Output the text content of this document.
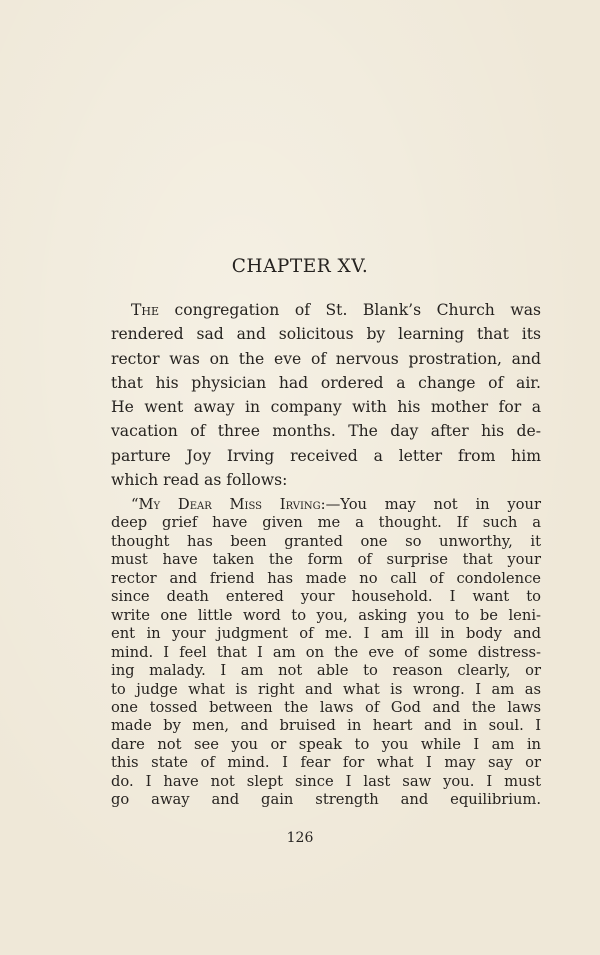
CHAPTER XV.

The congregation of St. Blank’s Church was
rendered sad and solicitous by learning that its
rector was on the eve of nervous prostration, and
that his physician had ordered a change of air.
He went away in company with his mother for a
vacation of three months. The day after his de-
parture Joy Irving received a letter from him
which read as follows:

“My Dear Miss Irving:—You may not in your
deep grief have given me a thought. If such a
thought has been granted one so unworthy, it
must have taken the form of surprise that your
rector and friend has made no call of condolence
since death entered your household. I want to
write one little word to you, asking you to be leni-
ent in your judgment of me. I am ill in body and
mind. I feel that I am on the eve of some distress-
ing malady. I am not able to reason clearly, or
to judge what is right and what is wrong. I am as
one tossed between the laws of God and the laws
made by men, and bruised in heart and in soul. I
dare not see you or speak to you while I am in
this state of mind. I fear for what I may say or
do. I have not slept since I last saw you. I must
go away and gain strength and equilibrium.

126
